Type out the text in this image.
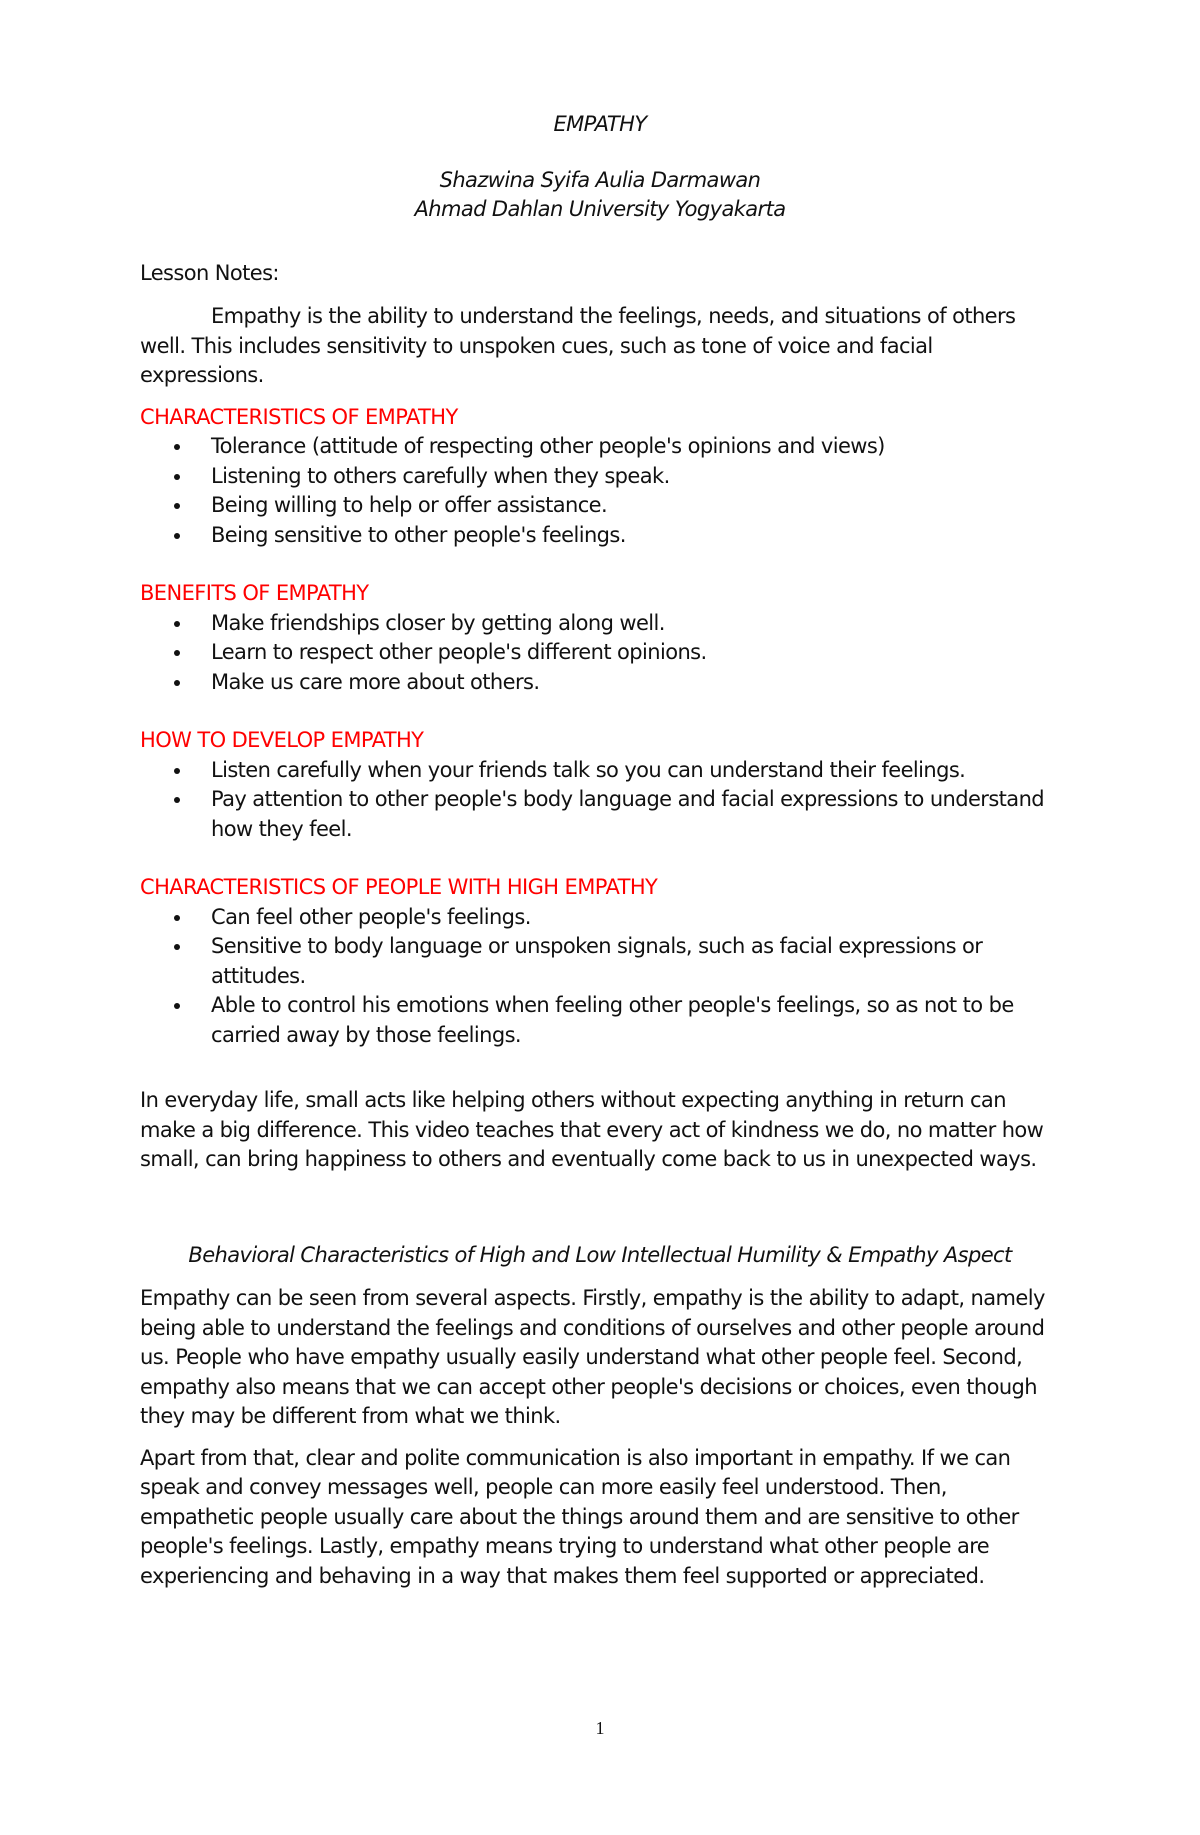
EMPATHY

Shazwina Syifa Aulia Darmawan

Ahmad Dahlan University Yogyakarta

Lesson Notes:

Empathy is the ability to understand the feelings, needs, and situations of others well. This includes sensitivity to unspoken cues, such as tone of voice and facial expressions.

CHARACTERISTICS OF EMPATHY
Tolerance (attitude of respecting other people's opinions and views)
Listening to others carefully when they speak.
Being willing to help or offer assistance.
Being sensitive to other people's feelings.
BENEFITS OF EMPATHY
Make friendships closer by getting along well.
Learn to respect other people's different opinions.
Make us care more about others.
HOW TO DEVELOP EMPATHY
Listen carefully when your friends talk so you can understand their feelings.
Pay attention to other people's body language and facial expressions to understand how they feel.
CHARACTERISTICS OF PEOPLE WITH HIGH EMPATHY
Can feel other people's feelings.
Sensitive to body language or unspoken signals, such as facial expressions or attitudes.
Able to control his emotions when feeling other people's feelings, so as not to be carried away by those feelings.

In everyday life, small acts like helping others without expecting anything in return can make a big difference. This video teaches that every act of kindness we do, no matter how small, can bring happiness to others and eventually come back to us in unexpected ways.

Behavioral Characteristics of High and Low Intellectual Humility & Empathy Aspect

Empathy can be seen from several aspects. Firstly, empathy is the ability to adapt, namely being able to understand the feelings and conditions of ourselves and other people around us. People who have empathy usually easily understand what other people feel. Second, empathy also means that we can accept other people's decisions or choices, even though they may be different from what we think.

Apart from that, clear and polite communication is also important in empathy. If we can speak and convey messages well, people can more easily feel understood. Then, empathetic people usually care about the things around them and are sensitive to other people's feelings. Lastly, empathy means trying to understand what other people are experiencing and behaving in a way that makes them feel supported or appreciated.

1
